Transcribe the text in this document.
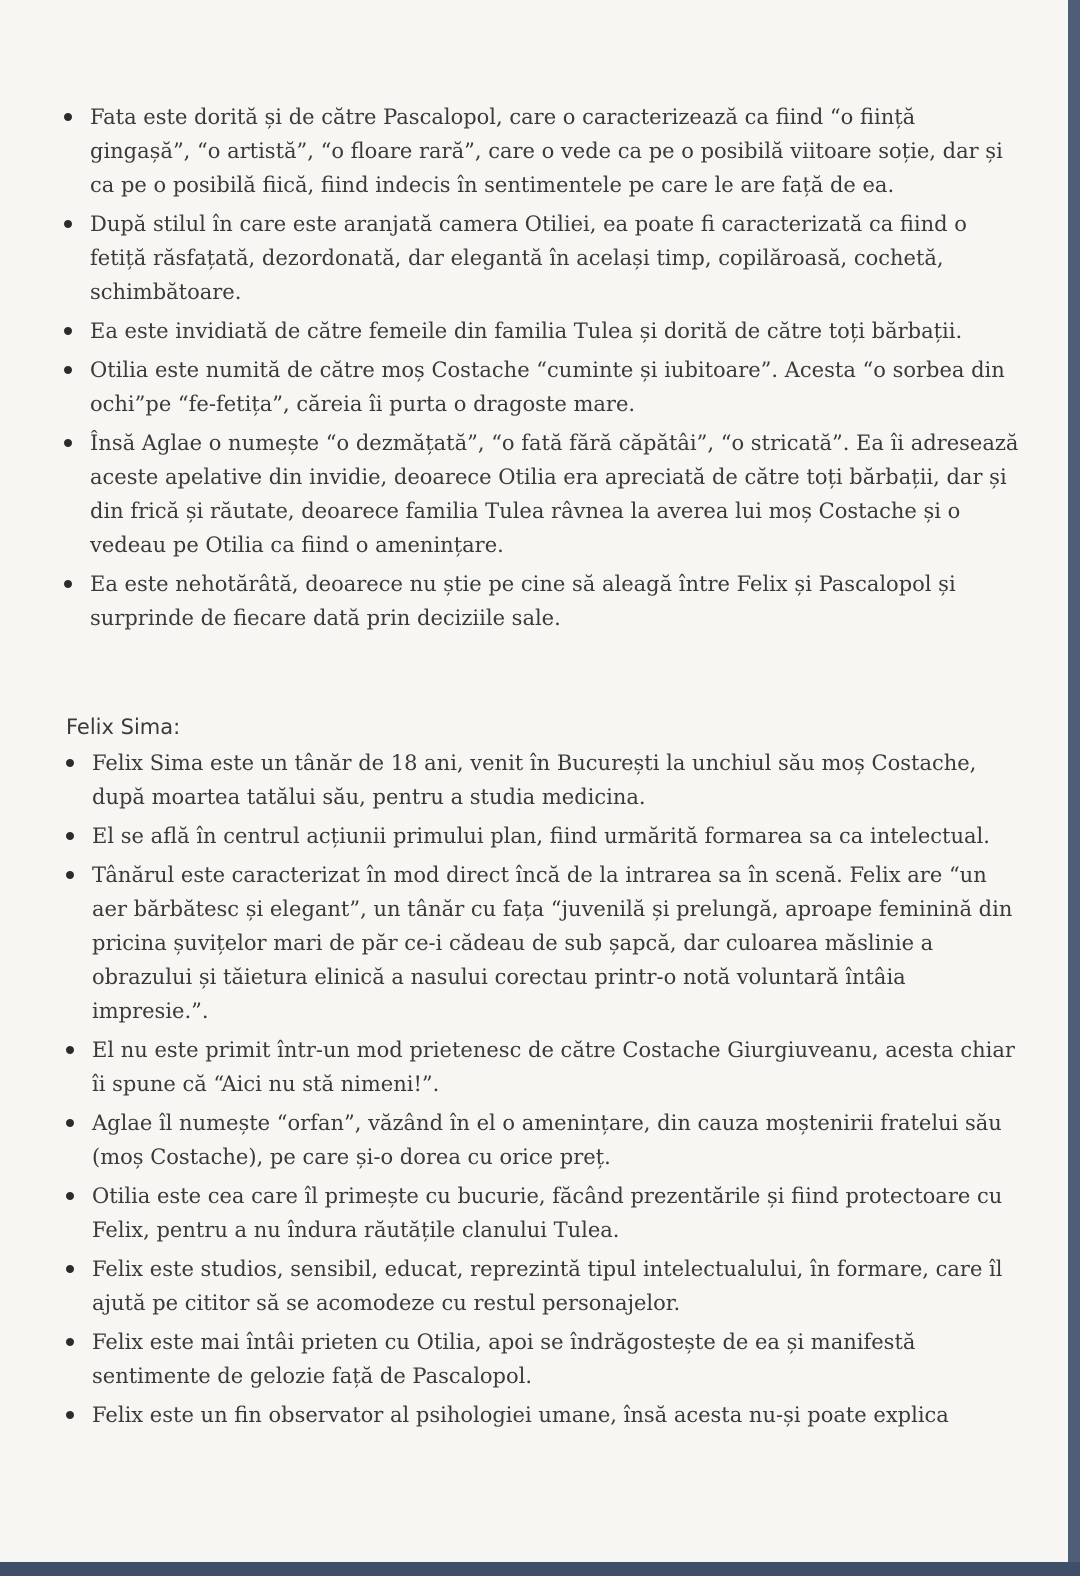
Fata este dorită și de către Pascalopol, care o caracterizează ca fiind “o ființă gingașă”, “o artistă”, “o floare rară”, care o vede ca pe o posibilă viitoare soție, dar și ca pe o posibilă fiică, fiind indecis în sentimentele pe care le are față de ea.
După stilul în care este aranjată camera Otiliei, ea poate fi caracterizată ca fiind o fetiță răsfațată, dezordonată, dar elegantă în același timp, copilăroasă, cochetă, schimbătoare.
Ea este invidiată de către femeile din familia Tulea și dorită de către toți bărbații.
Otilia este numită de către moș Costache “cuminte și iubitoare”. Acesta “o sorbea din ochi”pe “fe-fetița”, căreia îi purta o dragoste mare.
Însă Aglae o numește “o dezmățată”, “o fată fără căpătâi”, “o stricată”. Ea îi adresează aceste apelative din invidie, deoarece Otilia era apreciată de către toți bărbații, dar și din frică și răutate, deoarece familia Tulea râvnea la averea lui moș Costache și o vedeau pe Otilia ca fiind o amenințare.
Ea este nehotărâtă, deoarece nu știe pe cine să aleagă între Felix și Pascalopol și surprinde de fiecare dată prin deciziile sale.
Felix Sima:
Felix Sima este un tânăr de 18 ani, venit în București la unchiul său moș Costache, după moartea tatălui său, pentru a studia medicina.
El se află în centrul acțiunii primului plan, fiind urmărită formarea sa ca intelectual.
Tânărul este caracterizat în mod direct încă de la intrarea sa în scenă. Felix are “un aer bărbătesc și elegant”, un tânăr cu fața “juvenilă și prelungă, aproape feminină din pricina șuvițelor mari de păr ce-i cădeau de sub șapcă, dar culoarea măslinie a obrazului și tăietura elinică a nasului corectau printr-o notă voluntară întâia impresie.”.
El nu este primit într-un mod prietenesc de către Costache Giurgiuveanu, acesta chiar îi spune că “Aici nu stă nimeni!”.
Aglae îl numește “orfan”, văzând în el o amenințare, din cauza moștenirii fratelui său (moș Costache), pe care și-o dorea cu orice preț.
Otilia este cea care îl primește cu bucurie, făcând prezentările și fiind protectoare cu Felix, pentru a nu îndura răutățile clanului Tulea.
Felix este studios, sensibil, educat, reprezintă tipul intelectualului, în formare, care îl ajută pe cititor să se acomodeze cu restul personajelor.
Felix este mai întâi prieten cu Otilia, apoi se îndrăgostește de ea și manifestă sentimente de gelozie față de Pascalopol.
Felix este un fin observator al psihologiei umane, însă acesta nu-și poate explica
